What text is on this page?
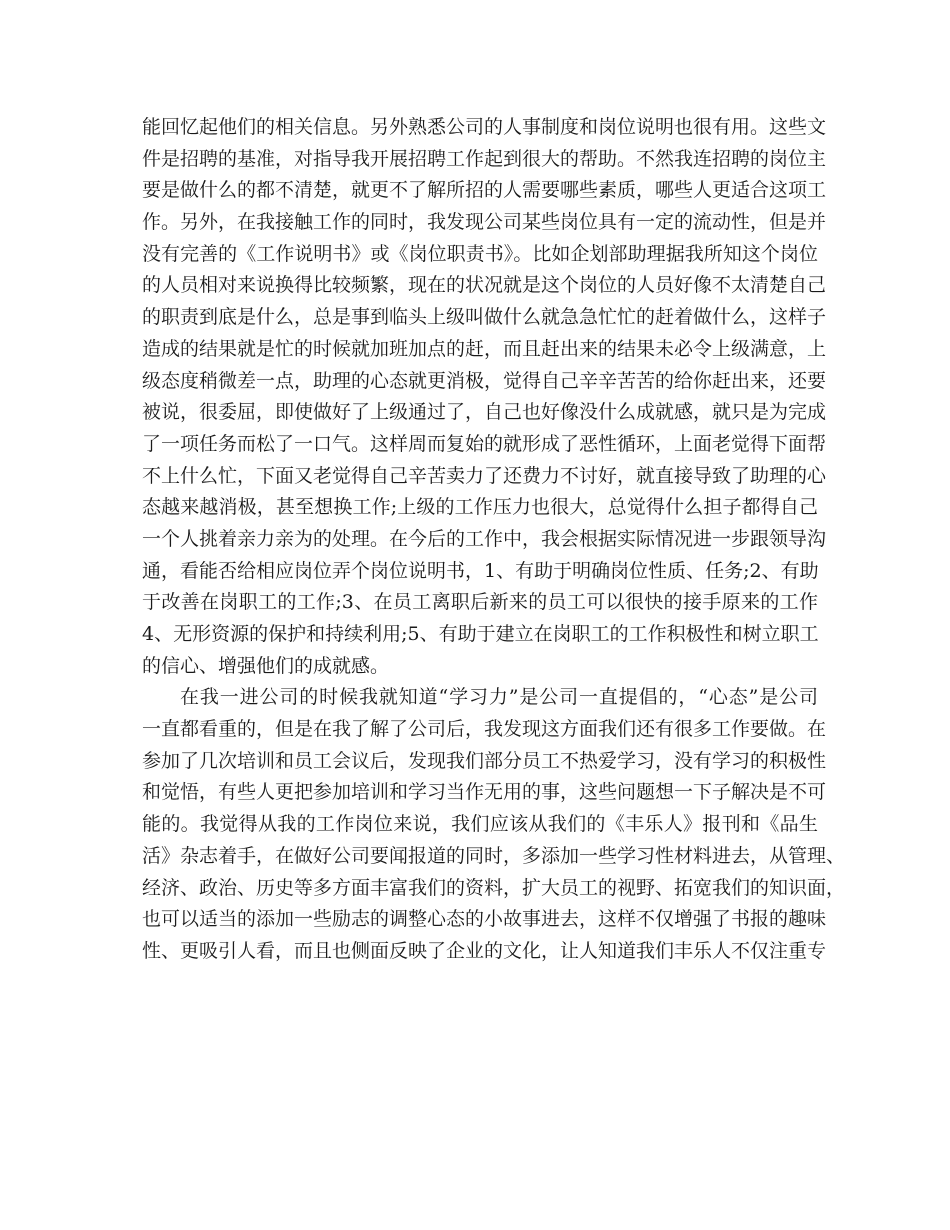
能回忆起他们的相关信息。另外熟悉公司的人事制度和岗位说明也很有用。这些文
件是招聘的基准，对指导我开展招聘工作起到很大的帮助。不然我连招聘的岗位主
要是做什么的都不清楚，就更不了解所招的人需要哪些素质，哪些人更适合这项工
作。另外，在我接触工作的同时，我发现公司某些岗位具有一定的流动性，但是并
没有完善的《工作说明书》或《岗位职责书》。比如企划部助理据我所知这个岗位
的人员相对来说换得比较频繁，现在的状况就是这个岗位的人员好像不太清楚自己
的职责到底是什么，总是事到临头上级叫做什么就急急忙忙的赶着做什么，这样子
造成的结果就是忙的时候就加班加点的赶，而且赶出来的结果未必令上级满意，上
级态度稍微差一点，助理的心态就更消极，觉得自己辛辛苦苦的给你赶出来，还要
被说，很委屈，即使做好了上级通过了，自己也好像没什么成就感，就只是为完成
了一项任务而松了一口气。这样周而复始的就形成了恶性循环，上面老觉得下面帮
不上什么忙，下面又老觉得自己辛苦卖力了还费力不讨好，就直接导致了助理的心
态越来越消极，甚至想换工作;上级的工作压力也很大，总觉得什么担子都得自己
一个人挑着亲力亲为的处理。在今后的工作中，我会根据实际情况进一步跟领导沟
通，看能否给相应岗位弄个岗位说明书，1、有助于明确岗位性质、任务;2、有助
于改善在岗职工的工作;3、在员工离职后新来的员工可以很快的接手原来的工作
4、无形资源的保护和持续利用;5、有助于建立在岗职工的工作积极性和树立职工
的信心、增强他们的成就感。
在我一进公司的时候我就知道“学习力”是公司一直提倡的，“心态”是公司
一直都看重的，但是在我了解了公司后，我发现这方面我们还有很多工作要做。在
参加了几次培训和员工会议后，发现我们部分员工不热爱学习，没有学习的积极性
和觉悟，有些人更把参加培训和学习当作无用的事，这些问题想一下子解决是不可
能的。我觉得从我的工作岗位来说，我们应该从我们的《丰乐人》报刊和《品生
活》杂志着手，在做好公司要闻报道的同时，多添加一些学习性材料进去，从管理、
经济、政治、历史等多方面丰富我们的资料，扩大员工的视野、拓宽我们的知识面，
也可以适当的添加一些励志的调整心态的小故事进去，这样不仅增强了书报的趣味
性、更吸引人看，而且也侧面反映了企业的文化，让人知道我们丰乐人不仅注重专
